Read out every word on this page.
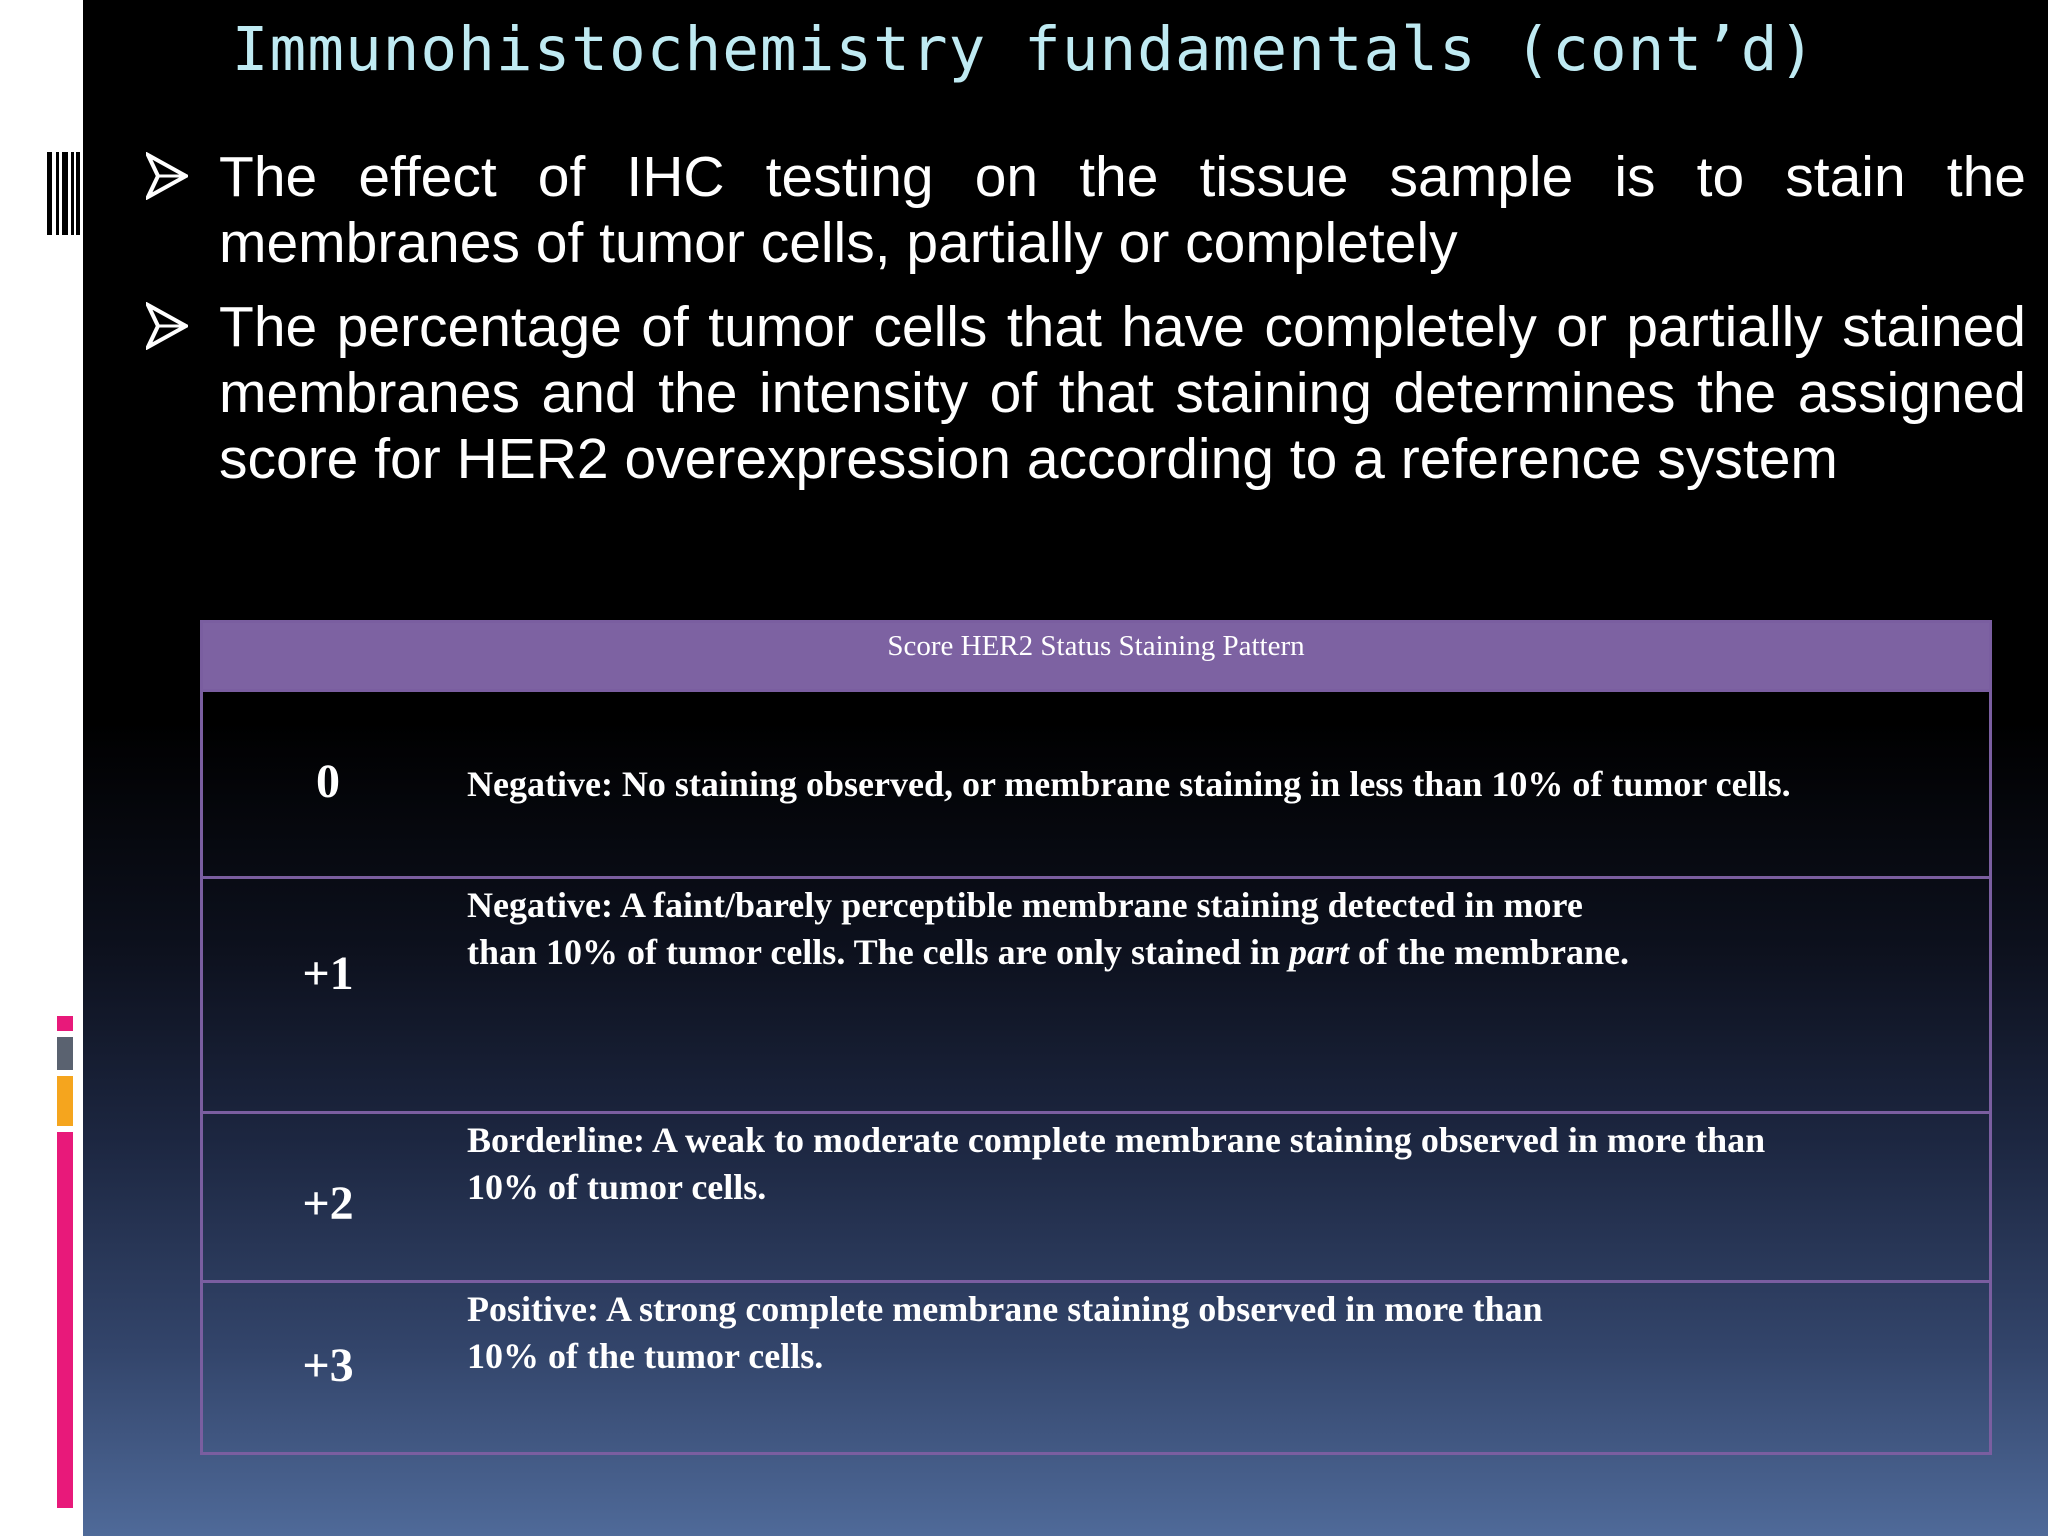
Immunohistochemistry fundamentals (cont’d)
The effect of IHC testing on the tissue sample is to stain the membranes of tumor cells, partially or completely
The percentage of tumor cells that have completely or partially stained membranes and the intensity of that staining determines the assigned score for HER2 overexpression according to a reference system
Score HER2 Status Staining Pattern
0	Negative: No staining observed, or membrane staining in less than 10% of tumor cells.
+1
Negative: A faint/barely perceptible membrane staining detected in more
than 10% of tumor cells. The cells are only stained in part of the membrane.
+2
Borderline: A weak to moderate complete membrane staining observed in more than
10% of tumor cells.
+3
Positive: A strong complete membrane staining observed in more than
10% of the tumor cells.
